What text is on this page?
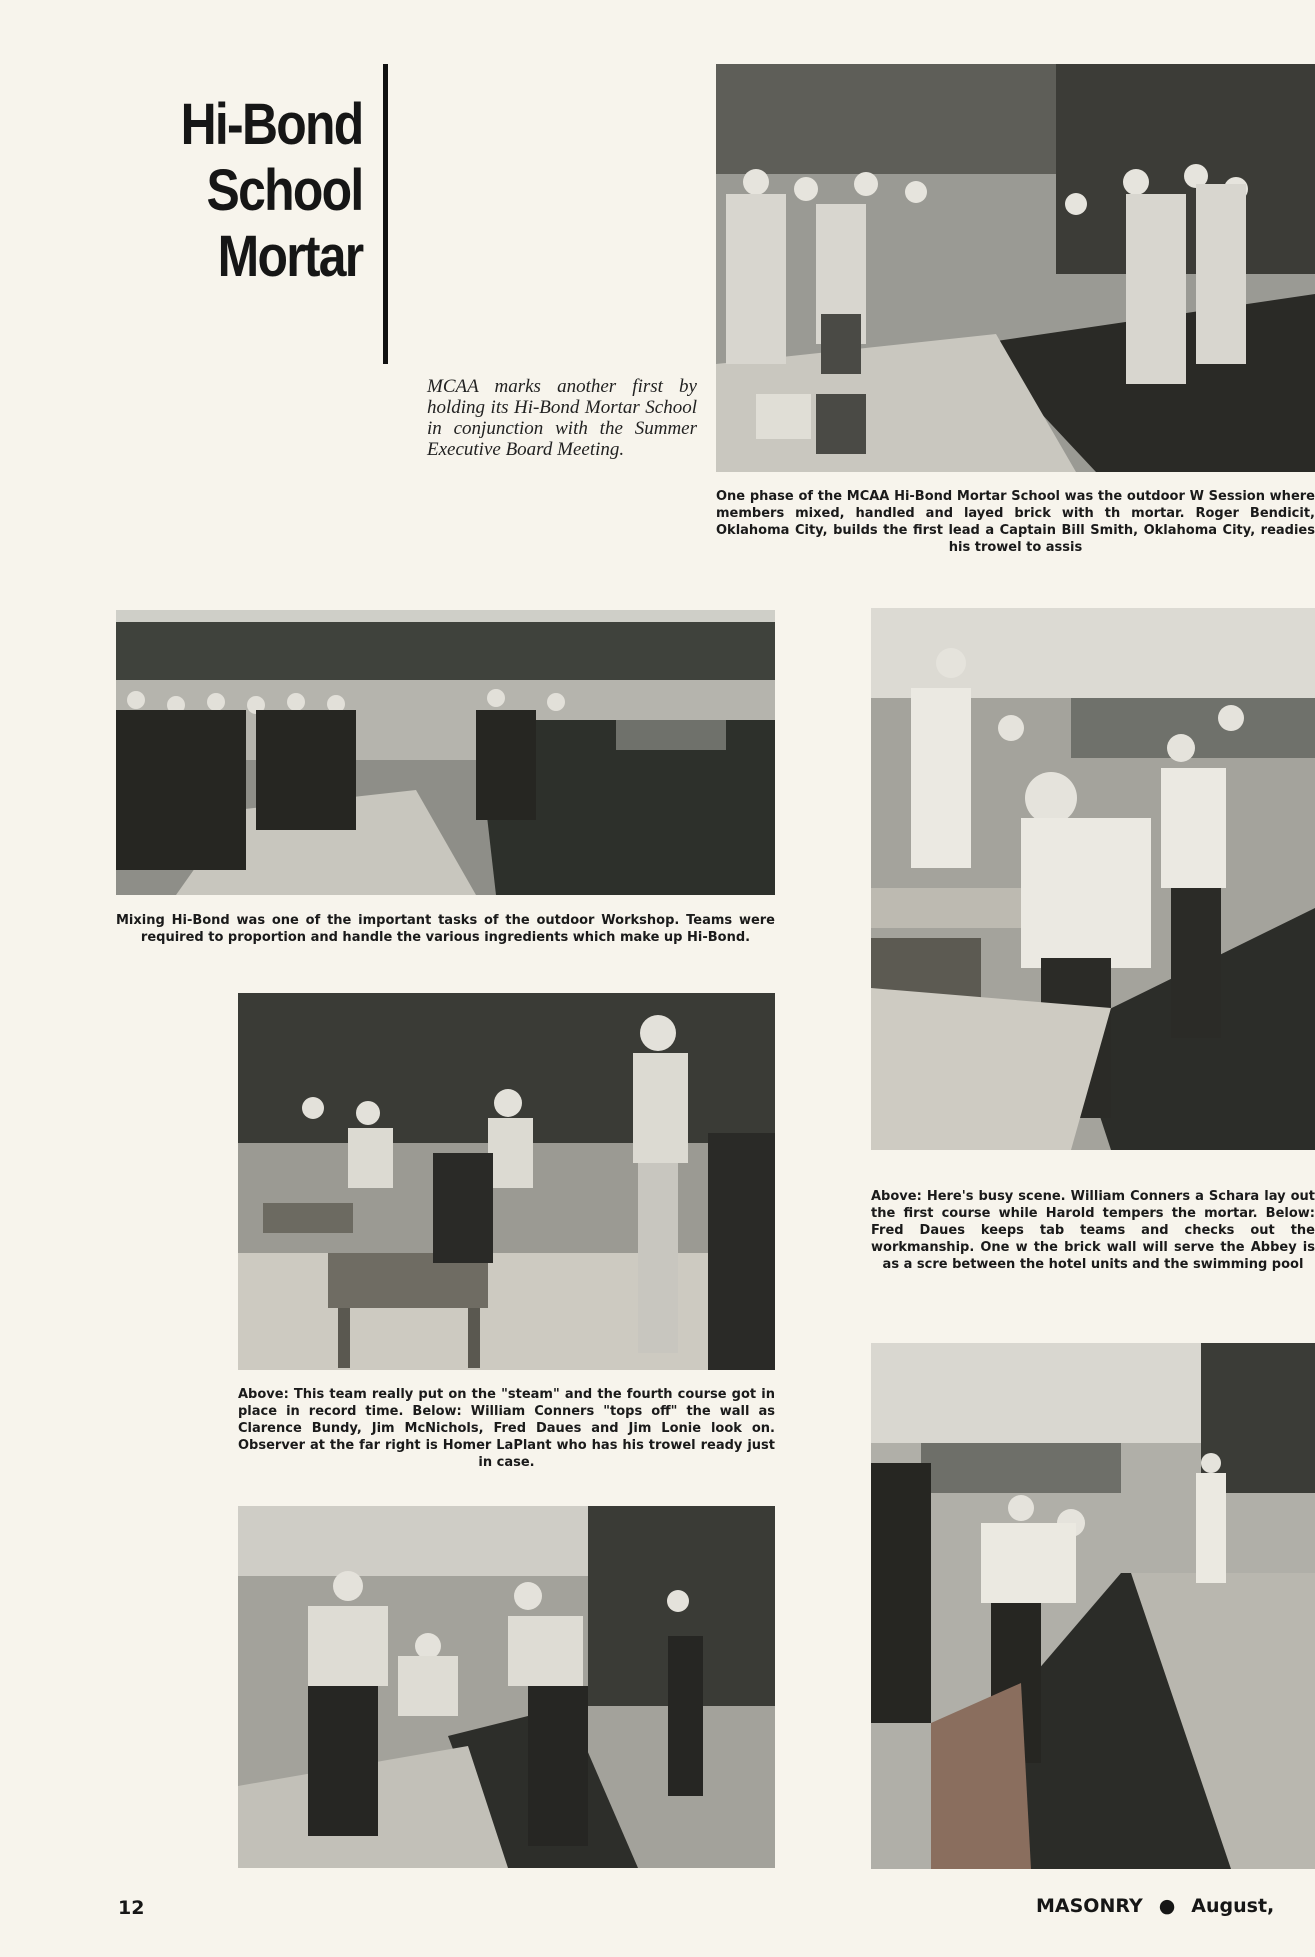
Hi-Bond
School
Mortar
MCAA marks another first by holding its Hi-Bond Mortar School in conjunction with the Summer Executive Board Meeting.
One phase of the MCAA Hi-Bond Mortar School was the outdoor W Session where members mixed, handled and layed brick with th mortar. Roger Bendicit, Oklahoma City, builds the first lead a Captain Bill Smith, Oklahoma City, readies his trowel to assis
Mixing Hi-Bond was one of the important tasks of the outdoor Workshop. Teams were required to proportion and handle the various ingredients which make up Hi-Bond.
Above: This team really put on the "steam" and the fourth course got in place in record time. Below: William Conners "tops off" the wall as Clarence Bundy, Jim McNichols, Fred Daues and Jim Lonie look on. Observer at the far right is Homer LaPlant who has his trowel ready just in case.
Above: Here's busy scene. William Conners a Schara lay out the first course while Harold tempers the mortar. Below: Fred Daues keeps tab teams and checks out the workmanship. One w the brick wall will serve the Abbey is as a scre between the hotel units and the swimming pool
12	MASONRY ● August,
